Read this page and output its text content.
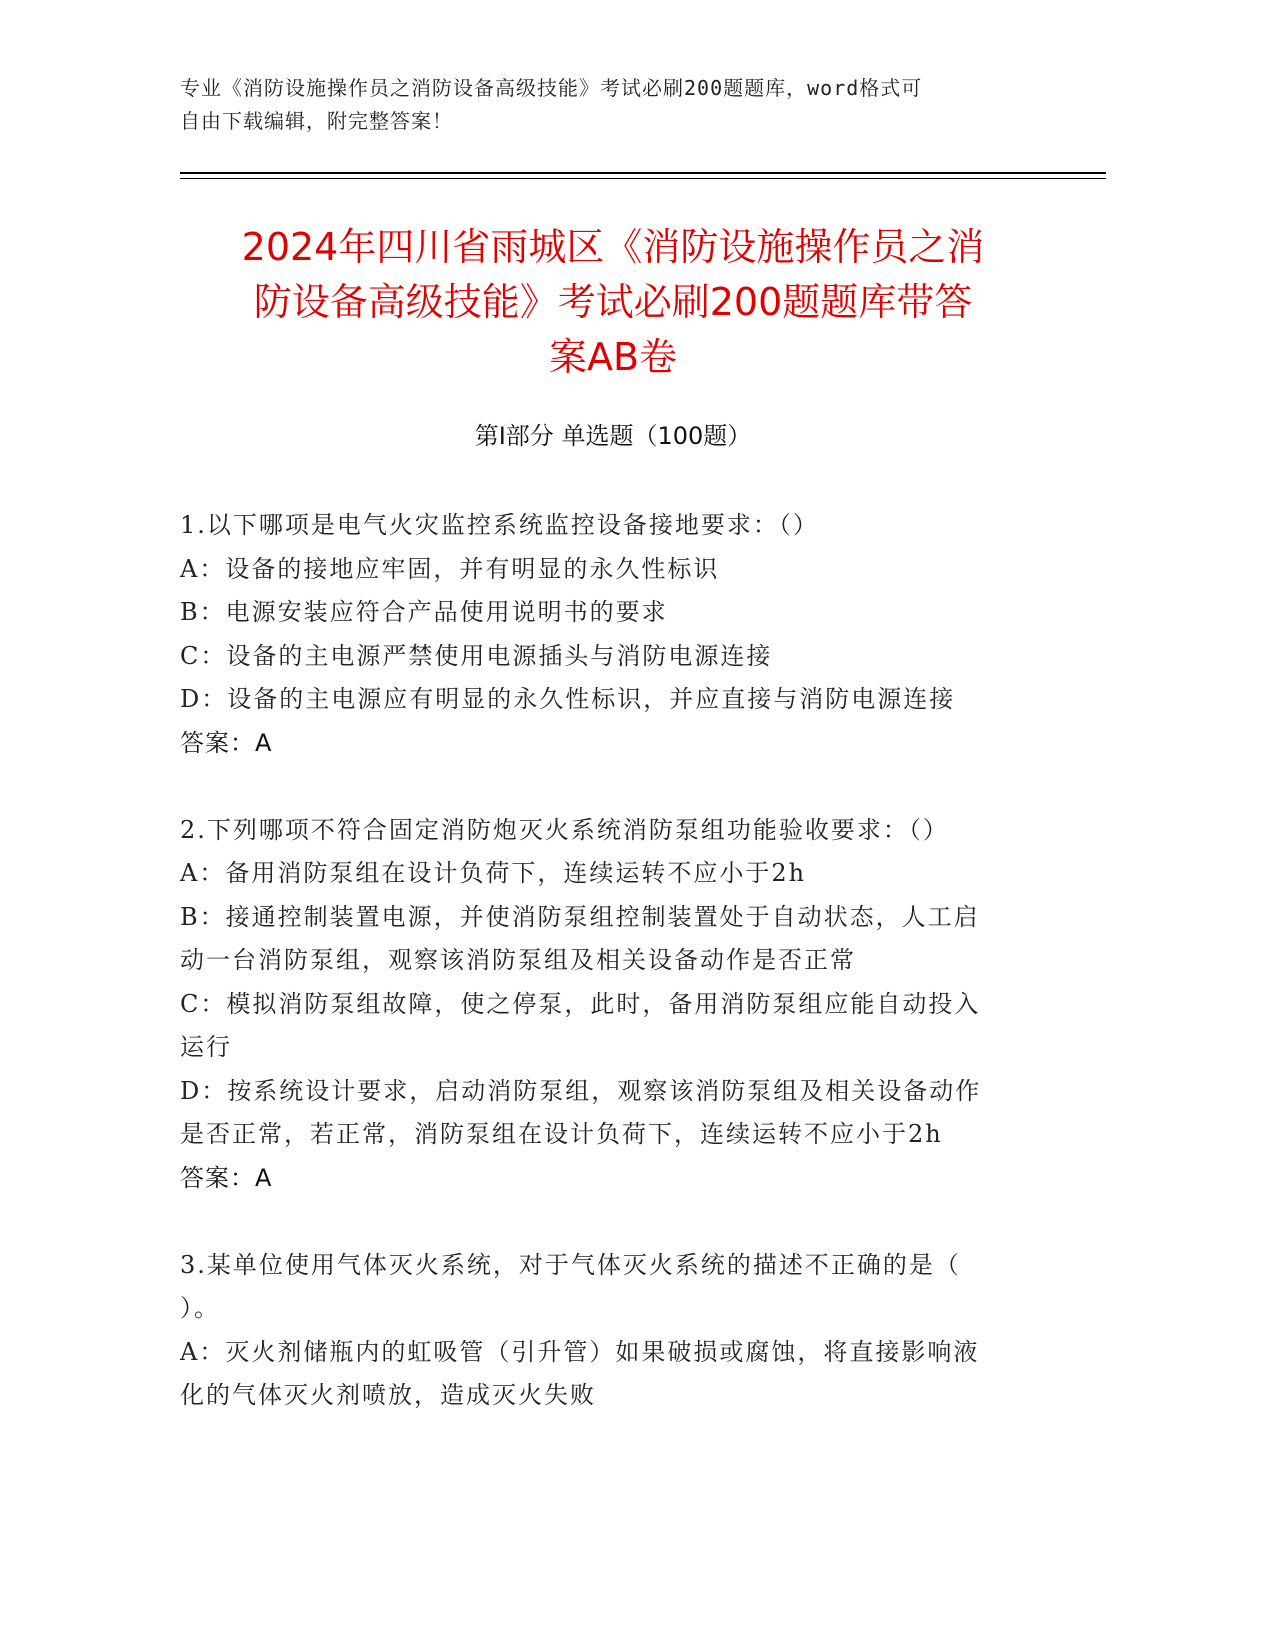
专业《消防设施操作员之消防设备高级技能》考试必刷200题题库，word格式可
自由下载编辑，附完整答案！
2024年四川省雨城区《消防设施操作员之消
防设备高级技能》考试必刷200题题库带答
案AB卷
第Ⅰ部分 单选题（100题）
1.以下哪项是电气火灾监控系统监控设备接地要求：（）
A：设备的接地应牢固，并有明显的永久性标识
B：电源安装应符合产品使用说明书的要求
C：设备的主电源严禁使用电源插头与消防电源连接
D：设备的主电源应有明显的永久性标识，并应直接与消防电源连接
答案：A
2.下列哪项不符合固定消防炮灭火系统消防泵组功能验收要求：（）
A：备用消防泵组在设计负荷下，连续运转不应小于2h
B：接通控制装置电源，并使消防泵组控制装置处于自动状态，人工启
动一台消防泵组，观察该消防泵组及相关设备动作是否正常
C：模拟消防泵组故障，使之停泵，此时，备用消防泵组应能自动投入
运行
D：按系统设计要求，启动消防泵组，观察该消防泵组及相关设备动作
是否正常，若正常，消防泵组在设计负荷下，连续运转不应小于2h
答案：A
3.某单位使用气体灭火系统，对于气体灭火系统的描述不正确的是（
）。
A：灭火剂储瓶内的虹吸管（引升管）如果破损或腐蚀，将直接影响液
化的气体灭火剂喷放，造成灭火失败
